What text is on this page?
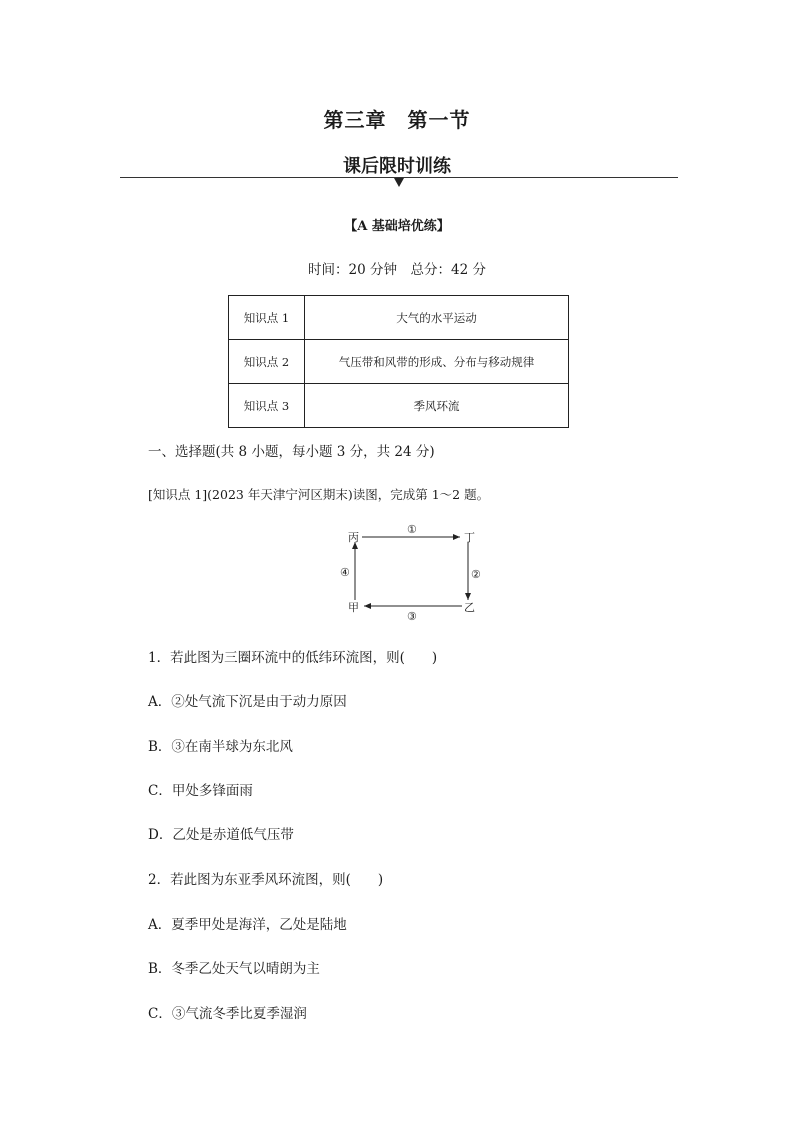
第三章　第一节
课后限时训练
【A 基础培优练】
时间：20 分钟　总分：42 分
知识点 1	大气的水平运动
知识点 2	气压带和风带的形成、分布与移动规律
知识点 3	季风环流
一、选择题(共 8 小题，每小题 3 分，共 24 分)
[知识点 1](2023 年天津宁河区期末)读图，完成第 1～2 题。
丙	丁
甲	乙
①
②
③
④
1．若此图为三圈环流中的低纬环流图，则(　　)
A．②处气流下沉是由于动力原因
B．③在南半球为东北风
C．甲处多锋面雨
D．乙处是赤道低气压带
2．若此图为东亚季风环流图，则(　　)
A．夏季甲处是海洋，乙处是陆地
B．冬季乙处天气以晴朗为主
C．③气流冬季比夏季湿润
